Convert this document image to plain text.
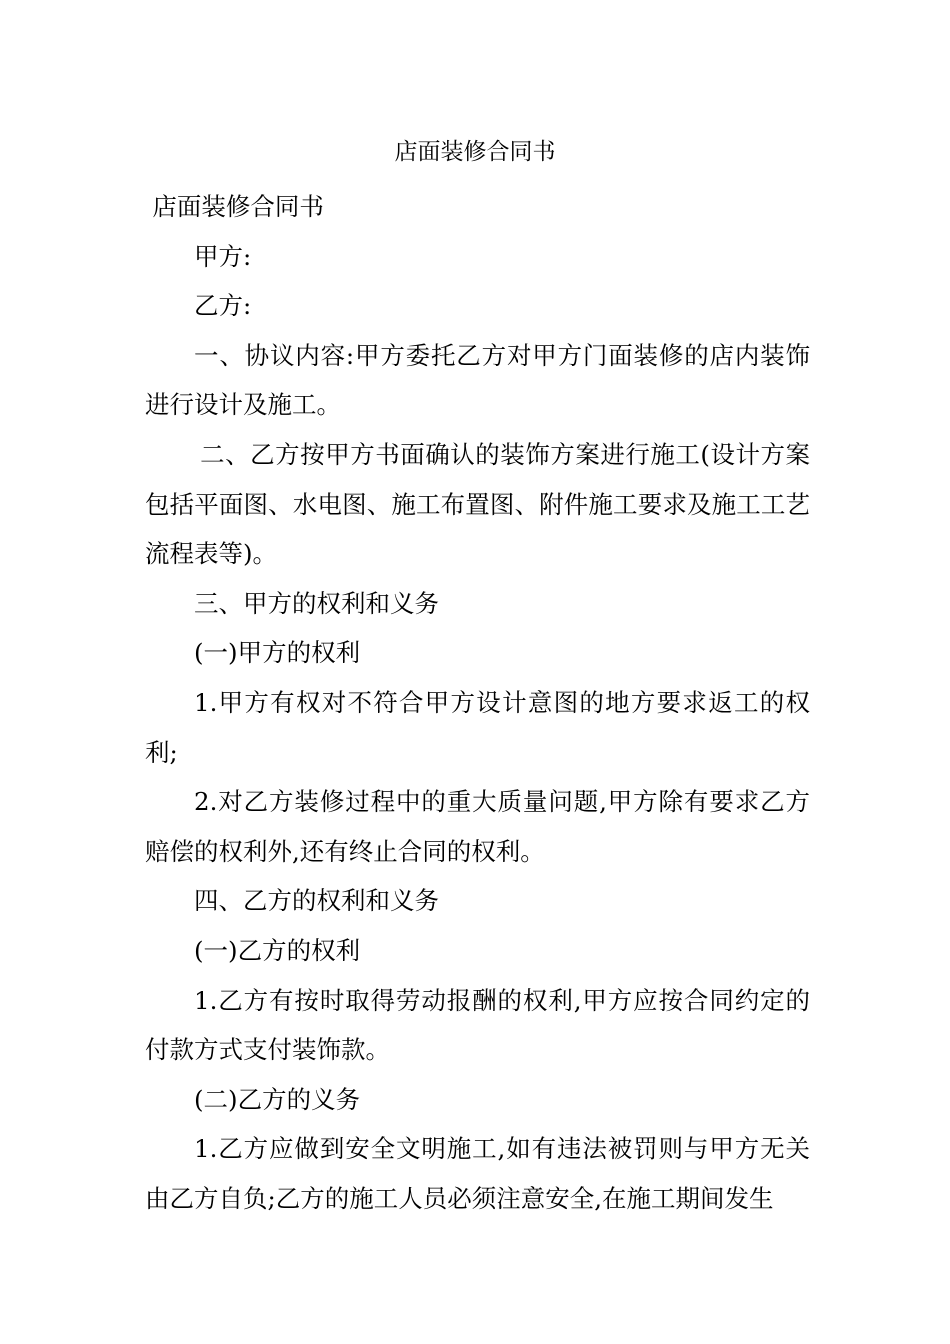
店面装修合同书

店面装修合同书

甲方:

乙方:

一、协议内容:甲方委托乙方对甲方门面装修的店内装饰进行设计及施工。

二、乙方按甲方书面确认的装饰方案进行施工(设计方案包括平面图、水电图、施工布置图、附件施工要求及施工工艺流程表等)。

三、甲方的权利和义务

(一)甲方的权利

1.甲方有权对不符合甲方设计意图的地方要求返工的权利;

2.对乙方装修过程中的重大质量问题,甲方除有要求乙方赔偿的权利外,还有终止合同的权利。

四、乙方的权利和义务

(一)乙方的权利

1.乙方有按时取得劳动报酬的权利,甲方应按合同约定的付款方式支付装饰款。

(二)乙方的义务

1.乙方应做到安全文明施工,如有违法被罚则与甲方无关由乙方自负;乙方的施工人员必须注意安全,在施工期间发生
